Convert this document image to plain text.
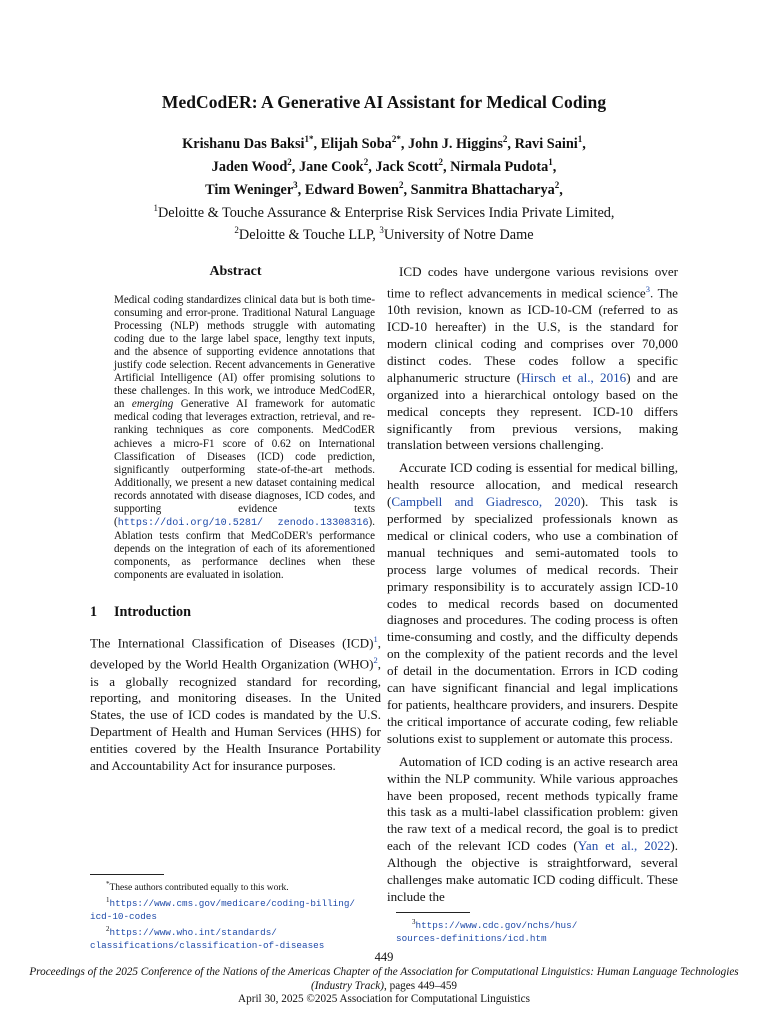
MedCodER: A Generative AI Assistant for Medical Coding
Krishanu Das Baksi$^{1*}$, Elijah Soba$^{2*}$, John J. Higgins$^2$, Ravi Saini$^1$,
Jaden Wood$^2$, Jane Cook$^2$, Jack Scott$^2$, Nirmala Pudota$^1$,
Tim Weninger$^3$, Edward Bowen$^2$, Sanmitra Bhattacharya$^2$,
$^1$Deloitte & Touche Assurance & Enterprise Risk Services India Private Limited,
$^2$Deloitte & Touche LLP, $^3$University of Notre Dame
Abstract

Medical coding standardizes clinical data but is both time-consuming and error-prone. Traditional Natural Language Processing (NLP) methods struggle with automating coding due to the large label space, lengthy text inputs, and the absence of supporting evidence annotations that justify code selection. Recent advancements in Generative Artificial Intelligence (AI) offer promising solutions to these challenges. In this work, we introduce MedCodER, an emerging Generative AI framework for automatic medical coding that leverages extraction, retrieval, and re-ranking techniques as core components. MedCodER achieves a micro-F1 score of 0.62 on International Classification of Diseases (ICD) code prediction, significantly outperforming state-of-the-art methods. Additionally, we present a new dataset containing medical records annotated with disease diagnoses, ICD codes, and supporting evidence texts (https://doi.org/10.5281/ zenodo.13308316). Ablation tests confirm that MedCoDER's performance depends on the integration of each of its aforementioned components, as performance declines when these components are evaluated in isolation.

1 Introduction

The International Classification of Diseases (ICD)$^1$, developed by the World Health Organization (WHO)$^2$, is a globally recognized standard for recording, reporting, and monitoring diseases. In the United States, the use of ICD codes is mandated by the U.S. Department of Health and Human Services (HHS) for entities covered by the Health Insurance Portability and Accountability Act for insurance purposes.

ICD codes have undergone various revisions over time to reflect advancements in medical science$^3$. The 10th revision, known as ICD-10-CM (referred to as ICD-10 hereafter) in the U.S, is the standard for modern clinical coding and comprises over 70,000 distinct codes. These codes follow a specific alphanumeric structure (Hirsch et al., 2016) and are organized into a hierarchical ontology based on the medical concepts they represent. ICD-10 differs significantly from previous versions, making translation between versions challenging.

Accurate ICD coding is essential for medical billing, health resource allocation, and medical research (Campbell and Giadresco, 2020). This task is performed by specialized professionals known as medical or clinical coders, who use a combination of manual techniques and semi-automated tools to process large volumes of medical records. Their primary responsibility is to accurately assign ICD-10 codes to medical records based on documented diagnoses and procedures. The coding process is often time-consuming and costly, and the difficulty depends on the complexity of the patient records and the level of detail in the documentation. Errors in ICD coding can have significant financial and legal implications for patients, healthcare providers, and insurers. Despite the critical importance of accurate coding, few reliable solutions exist to supplement or automate this process.

Automation of ICD coding is an active research area within the NLP community. While various approaches have been proposed, recent methods typically frame this task as a multi-label classification problem: given the raw text of a medical record, the goal is to predict each of the relevant ICD codes (Yan et al., 2022). Although the objective is straightforward, several challenges make automatic ICD coding difficult. These include the

*These authors contributed equally to this work.

$^1$https://www.cms.gov/medicare/coding-billing/

icd-10-codes

$^2$https://www.who.int/standards/

classifications/classification-of-diseases

$^3$https://www.cdc.gov/nchs/hus/

sources-definitions/icd.htm

449
Proceedings of the 2025 Conference of the Nations of the Americas Chapter of the Association for Computational Linguistics: Human Language Technologies
(Industry Track), pages 449–459
April 30, 2025 ©2025 Association for Computational Linguistics
